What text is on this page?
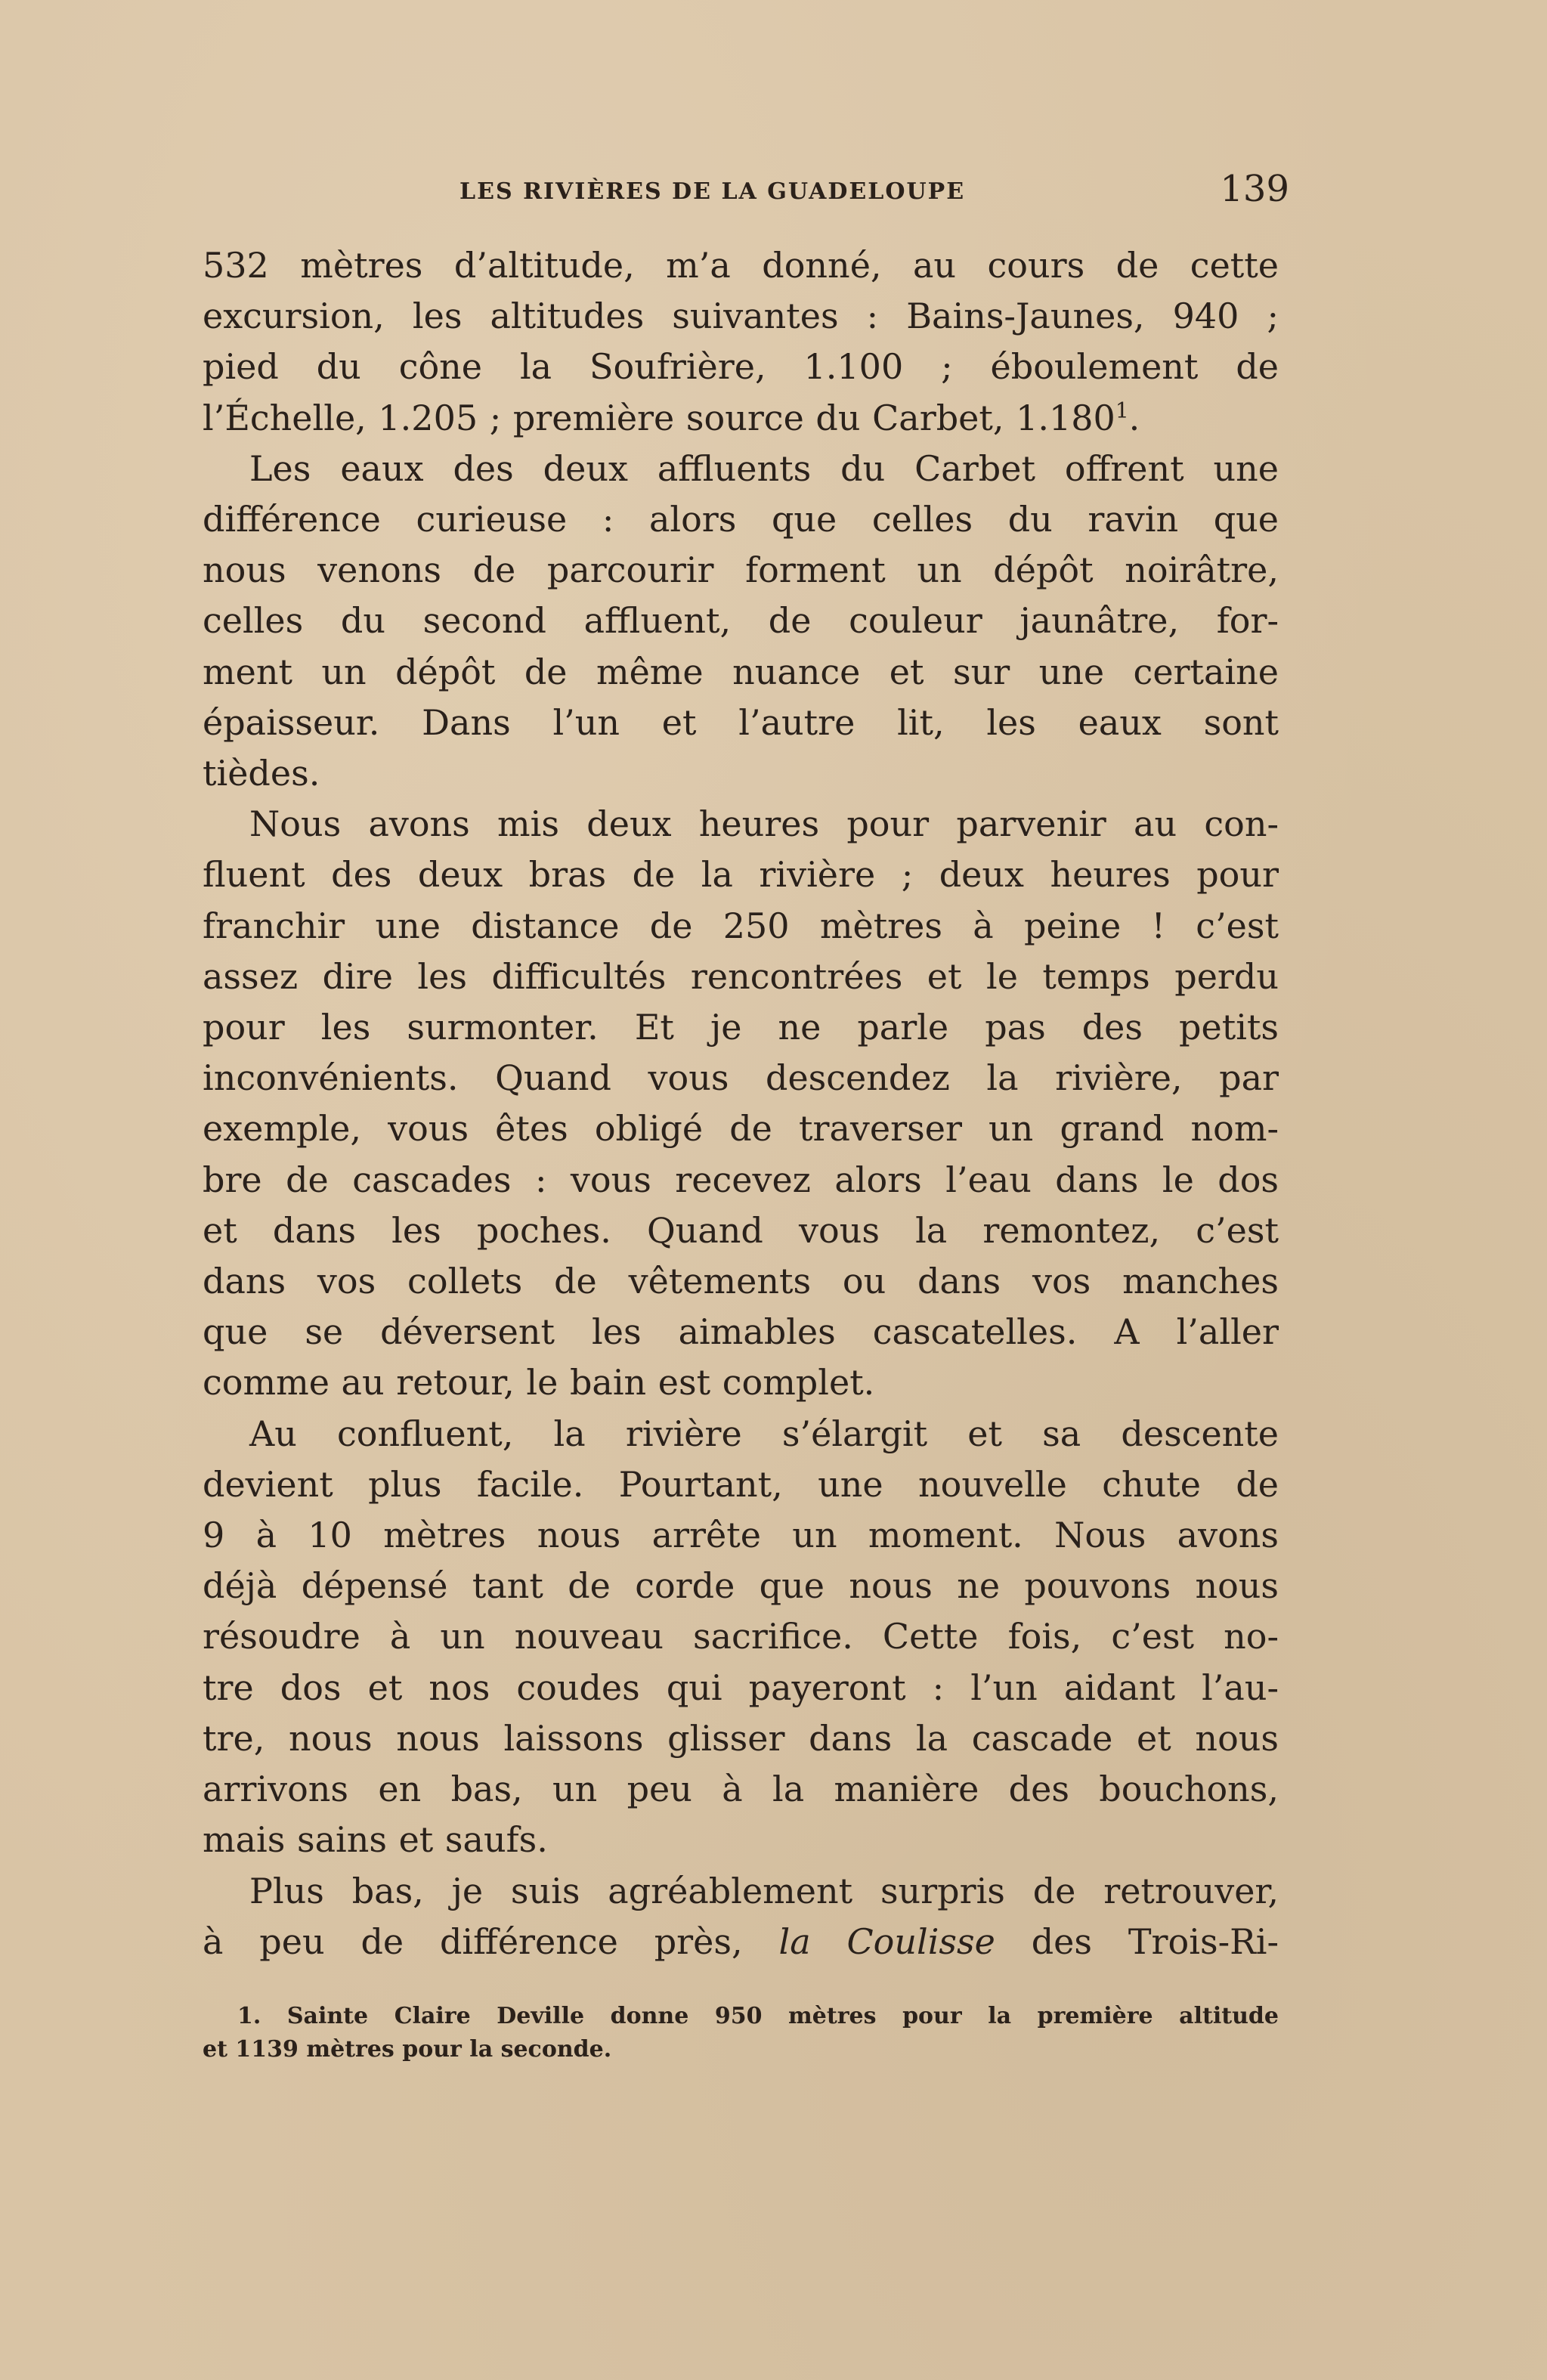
LES RIVIÈRES DE LA GUADELOUPE	139
532 mètres d’altitude, m’a donné, au cours de cette
excursion, les altitudes suivantes : Bains-Jaunes, 940 ;
pied du cône la Soufrière, 1.100 ; éboulement de
l’Échelle, 1.205 ; première source du Carbet, 1.180$^1$.
Les eaux des deux affluents du Carbet offrent une
différence curieuse : alors que celles du ravin que
nous venons de parcourir forment un dépôt noirâtre,
celles du second affluent, de couleur jaunâtre, for-
ment un dépôt de même nuance et sur une certaine
épaisseur. Dans l’un et l’autre lit, les eaux sont
tièdes.
Nous avons mis deux heures pour parvenir au con-
fluent des deux bras de la rivière ; deux heures pour
franchir une distance de 250 mètres à peine ! c’est
assez dire les difficultés rencontrées et le temps perdu
pour les surmonter. Et je ne parle pas des petits
inconvénients. Quand vous descendez la rivière, par
exemple, vous êtes obligé de traverser un grand nom-
bre de cascades : vous recevez alors l’eau dans le dos
et dans les poches. Quand vous la remontez, c’est
dans vos collets de vêtements ou dans vos manches
que se déversent les aimables cascatelles. A l’aller
comme au retour, le bain est complet.
Au confluent, la rivière s’élargit et sa descente
devient plus facile. Pourtant, une nouvelle chute de
9 à 10 mètres nous arrête un moment. Nous avons
déjà dépensé tant de corde que nous ne pouvons nous
résoudre à un nouveau sacrifice. Cette fois, c’est no-
tre dos et nos coudes qui payeront : l’un aidant l’au-
tre, nous nous laissons glisser dans la cascade et nous
arrivons en bas, un peu à la manière des bouchons,
mais sains et saufs.
Plus bas, je suis agréablement surpris de retrouver,
à peu de différence près, la Coulisse des Trois-Ri-
1. Sainte Claire Deville donne 950 mètres pour la première altitude
et 1139 mètres pour la seconde.
